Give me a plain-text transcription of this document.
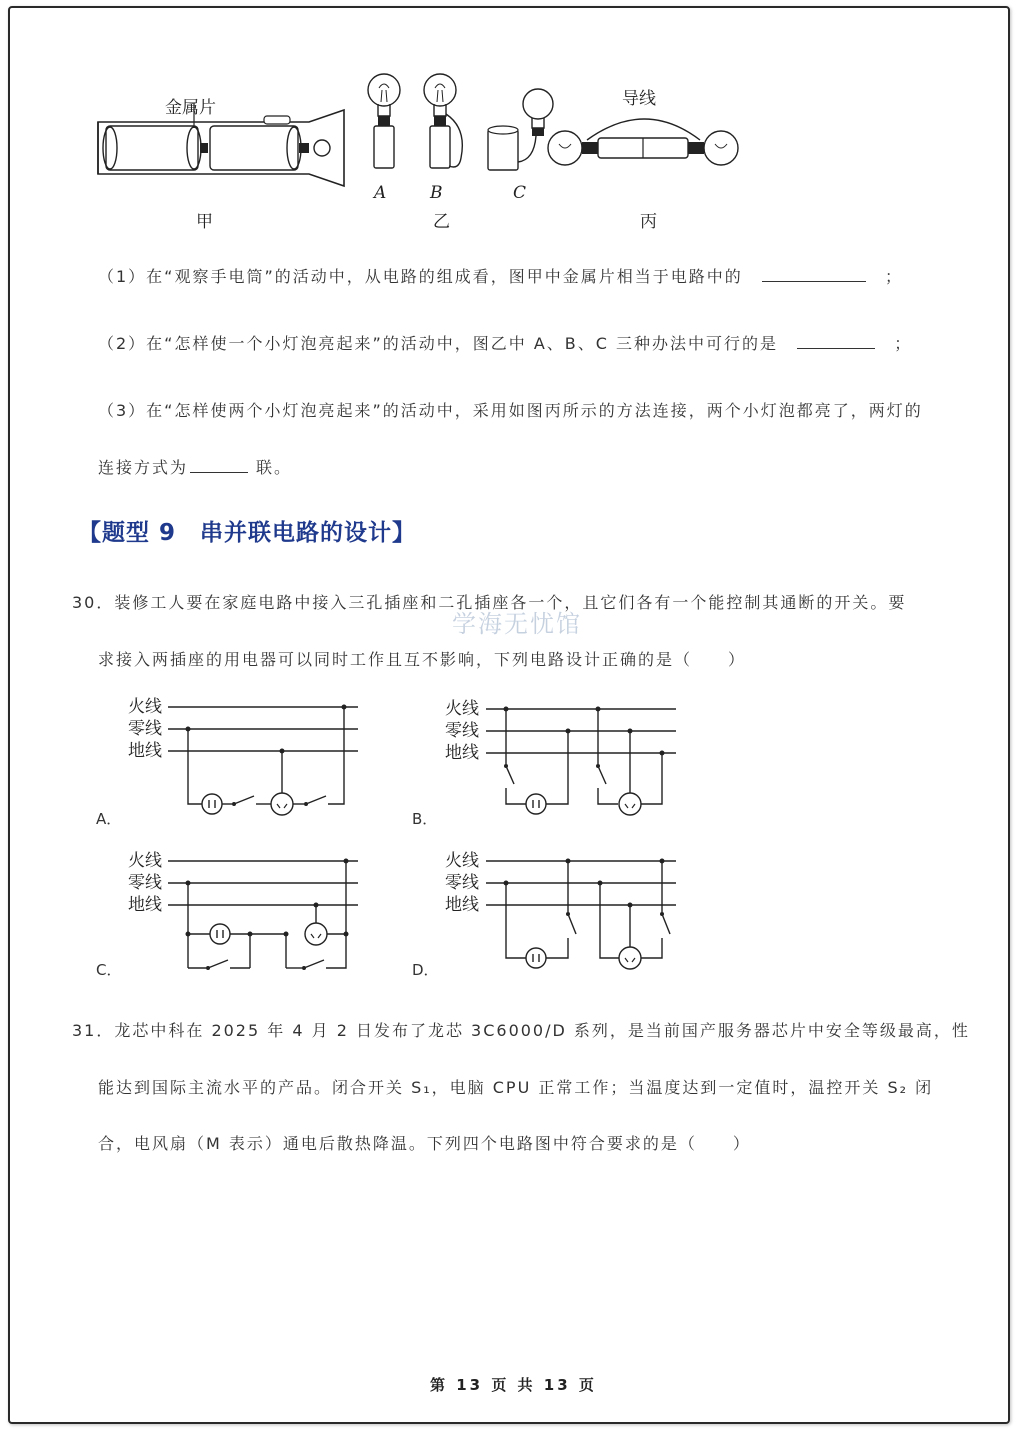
金属片
甲
A	B	C
乙
导线
丙
（1）在“观察手电筒”的活动中，从电路的组成看，图甲中金属片相当于电路中的	；
（2）在“怎样使一个小灯泡亮起来”的活动中，图乙中 A、B、C 三种办法中可行的是	；
（3）在“怎样使两个小灯泡亮起来”的活动中，采用如图丙所示的方法连接，两个小灯泡都亮了，两灯的
连接方式为	联。
【题型 9　串并联电路的设计】
30．装修工人要在家庭电路中接入三孔插座和二孔插座各一个，且它们各有一个能控制其通断的开关。要
学海无忧馆
求接入两插座的用电器可以同时工作且互不影响，下列电路设计正确的是（　　）
火线
零线
地线
A．
火线
零线
地线
B．
火线
零线
地线
C．
火线
零线
地线
D．
31．龙芯中科在 2025 年 4 月 2 日发布了龙芯 3C6000/D 系列，是当前国产服务器芯片中安全等级最高，性
能达到国际主流水平的产品。闭合开关 S₁，电脑 CPU 正常工作；当温度达到一定值时，温控开关 S₂ 闭
合，电风扇（M 表示）通电后散热降温。下列四个电路图中符合要求的是（　　）
第 13 页 共 13 页
